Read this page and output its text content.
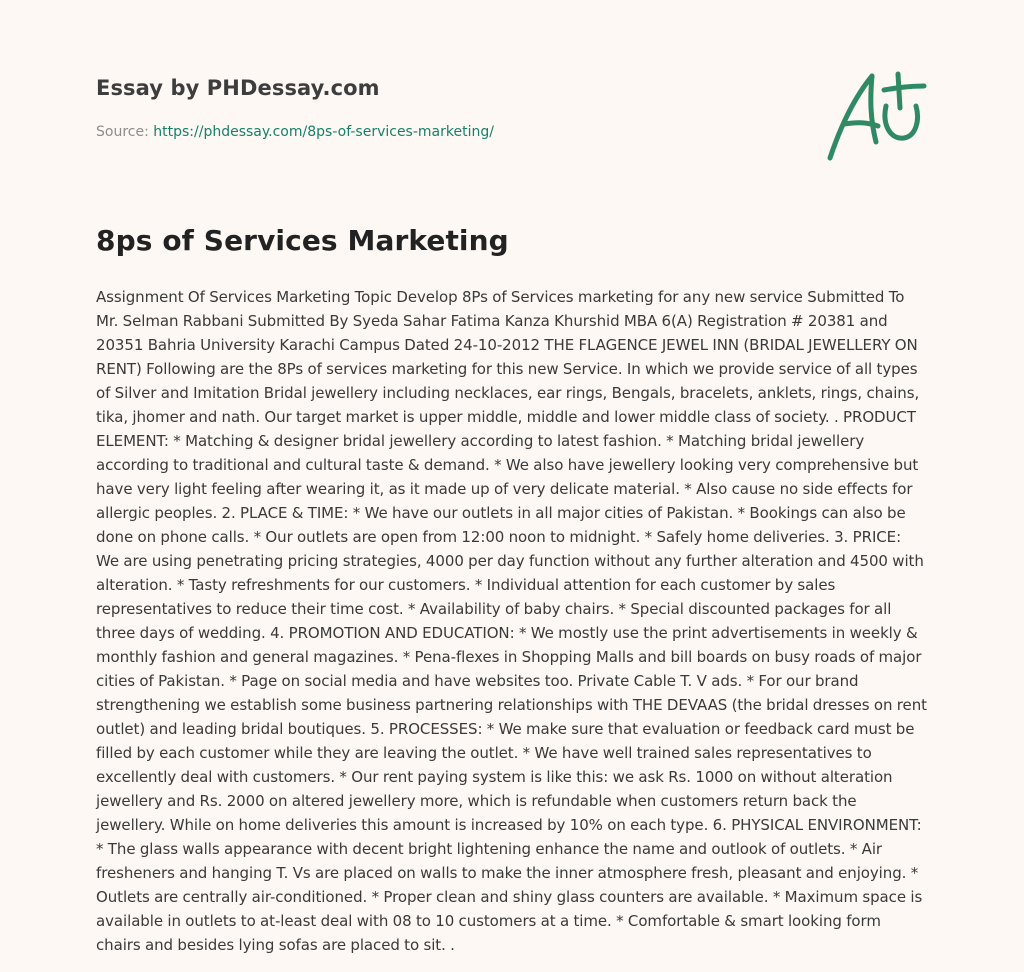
Essay by PHDessay.com
Source: https://phdessay.com/8ps-of-services-marketing/
8ps of Services Marketing

Assignment Of Services Marketing Topic Develop 8Ps of Services marketing for any new service Submitted To Mr. Selman Rabbani Submitted By Syeda Sahar Fatima Kanza Khurshid MBA 6(A) Registration # 20381 and 20351 Bahria University Karachi Campus Dated 24-10-2012 THE FLAGENCE JEWEL INN (BRIDAL JEWELLERY ON RENT) Following are the 8Ps of services marketing for this new Service. In which we provide service of all types of Silver and Imitation Bridal jewellery including necklaces, ear rings, Bengals, bracelets, anklets, rings, chains, tika, jhomer and nath. Our target market is upper middle, middle and lower middle class of society. . PRODUCT ELEMENT: * Matching & designer bridal jewellery according to latest fashion. * Matching bridal jewellery according to traditional and cultural taste & demand. * We also have jewellery looking very comprehensive but have very light feeling after wearing it, as it made up of very delicate material. * Also cause no side effects for allergic peoples. 2. PLACE & TIME: * We have our outlets in all major cities of Pakistan. * Bookings can also be done on phone calls. * Our outlets are open from 12:00 noon to midnight. * Safely home deliveries. 3. PRICE: We are using penetrating pricing strategies, 4000 per day function without any further alteration and 4500 with alteration. * Tasty refreshments for our customers. * Individual attention for each customer by sales representatives to reduce their time cost. * Availability of baby chairs. * Special discounted packages for all three days of wedding. 4. PROMOTION AND EDUCATION: * We mostly use the print advertisements in weekly & monthly fashion and general magazines. * Pena-flexes in Shopping Malls and bill boards on busy roads of major cities of Pakistan. * Page on social media and have websites too. Private Cable T. V ads. * For our brand strengthening we establish some business partnering relationships with THE DEVAAS (the bridal dresses on rent outlet) and leading bridal boutiques. 5. PROCESSES: * We make sure that evaluation or feedback card must be filled by each customer while they are leaving the outlet. * We have well trained sales representatives to excellently deal with customers. * Our rent paying system is like this: we ask Rs. 1000 on without alteration jewellery and Rs. 2000 on altered jewellery more, which is refundable when customers return back the jewellery. While on home deliveries this amount is increased by 10% on each type. 6. PHYSICAL ENVIRONMENT: * The glass walls appearance with decent bright lightening enhance the name and outlook of outlets. * Air fresheners and hanging T. Vs are placed on walls to make the inner atmosphere fresh, pleasant and enjoying. * Outlets are centrally air-conditioned. * Proper clean and shiny glass counters are available. * Maximum space is available in outlets to at-least deal with 08 to 10 customers at a time. * Comfortable & smart looking form chairs and besides lying sofas are placed to sit. .
